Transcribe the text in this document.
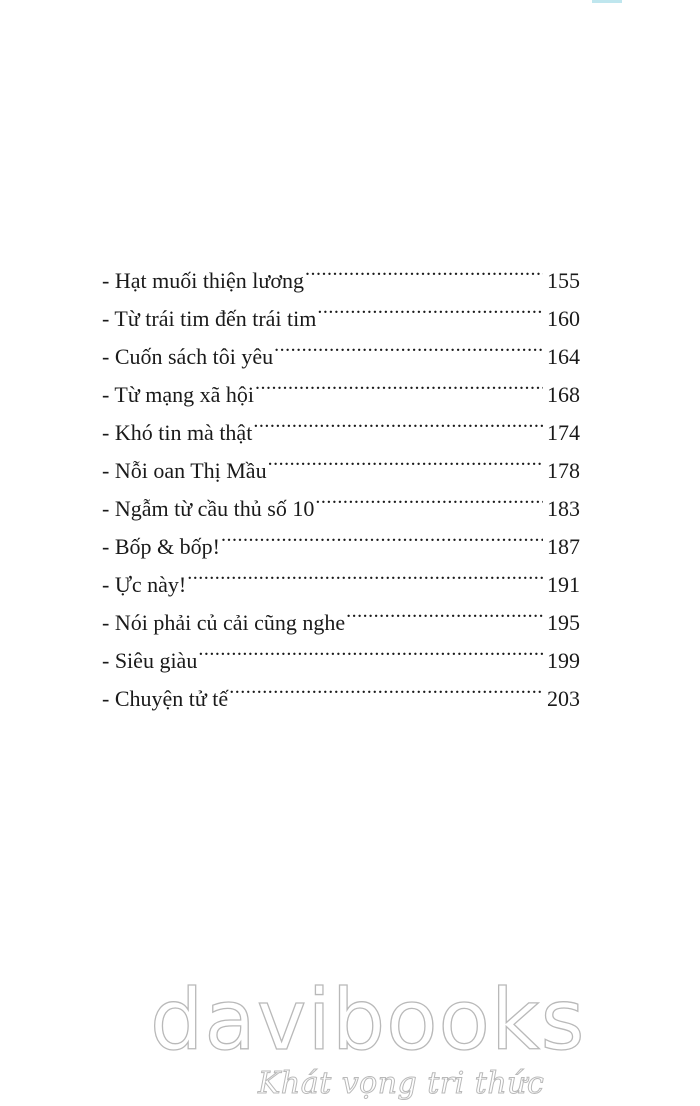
- Hạt muối thiện lương .....	155
- Từ trái tim đến trái tim .....	160
- Cuốn sách tôi yêu .....	164
- Từ mạng xã hội .....	168
- Khó tin mà thật .....	174
- Nỗi oan Thị Mầu .....	178
- Ngẫm từ cầu thủ số 10 .....	183
- Bốp & bốp! .....	187
- Ực này! .....	191
- Nói phải củ cải cũng nghe .....	195
- Siêu giàu .....	199
- Chuyện tử tế .....	203
davibooks
Khát vọng tri thức
